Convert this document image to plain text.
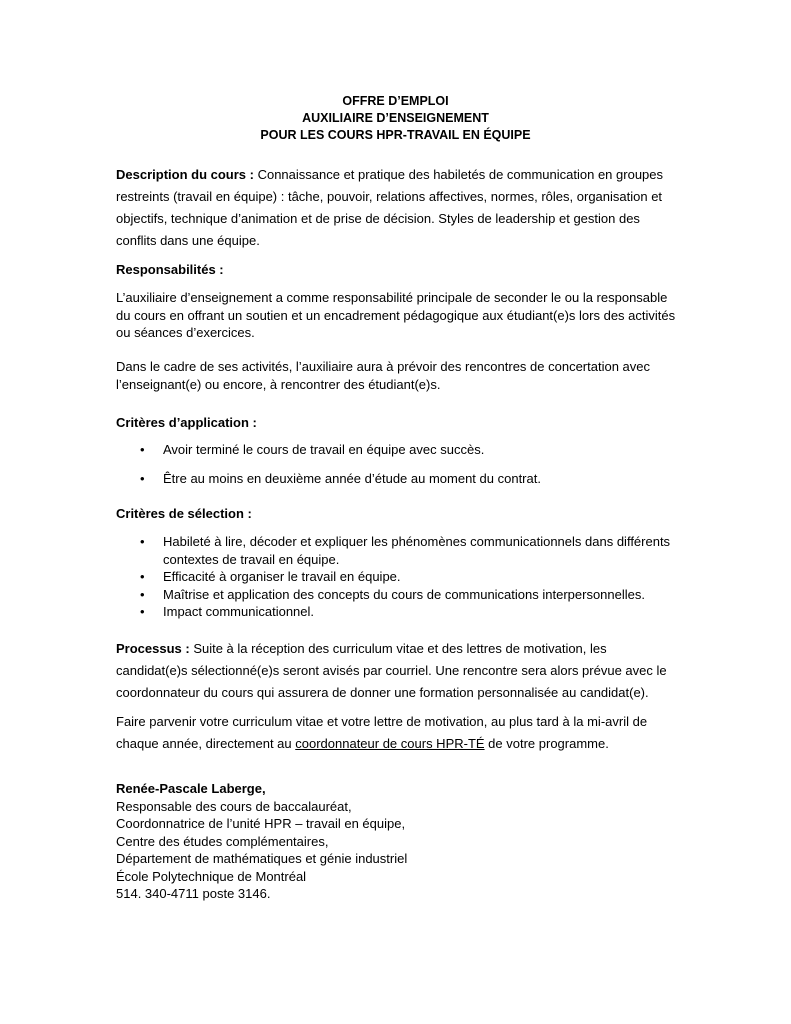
OFFRE D’EMPLOI
AUXILIAIRE D’ENSEIGNEMENT
POUR LES COURS HPR-TRAVAIL EN ÉQUIPE
Description du cours : Connaissance et pratique des habiletés de communication en groupes restreints (travail en équipe) : tâche, pouvoir, relations affectives, normes, rôles, organisation et objectifs, technique d’animation et de prise de décision. Styles de leadership et gestion des conflits dans une équipe.
Responsabilités :
L’auxiliaire d’enseignement a comme responsabilité principale de seconder le ou la responsable du cours en offrant un soutien et un encadrement pédagogique aux étudiant(e)s lors des activités ou séances d’exercices.
Dans le cadre de ses activités, l’auxiliaire aura à prévoir des rencontres de concertation avec l’enseignant(e) ou encore, à rencontrer des étudiant(e)s.
Critères d’application :
• Avoir terminé le cours de travail en équipe avec succès.
• Être au moins en deuxième année d’étude au moment du contrat.
Critères de sélection :
• Habileté à lire, décoder et expliquer les phénomènes communicationnels dans différents contextes de travail en équipe.
• Efficacité à organiser le travail en équipe.
• Maîtrise et application des concepts du cours de communications interpersonnelles.
• Impact communicationnel.
Processus : Suite à la réception des curriculum vitae et des lettres de motivation, les candidat(e)s sélectionné(e)s seront avisés par courriel. Une rencontre sera alors prévue avec le coordonnateur du cours qui assurera de donner une formation personnalisée au candidat(e).
Faire parvenir votre curriculum vitae et votre lettre de motivation, au plus tard à la mi-avril de chaque année, directement au coordonnateur de cours HPR-TÉ de votre programme.
Renée-Pascale Laberge,
Responsable des cours de baccalauréat,
Coordonnatrice de l’unité HPR – travail en équipe,
Centre des études complémentaires,
Département de mathématiques et génie industriel
École Polytechnique de Montréal
514. 340-4711 poste 3146.
